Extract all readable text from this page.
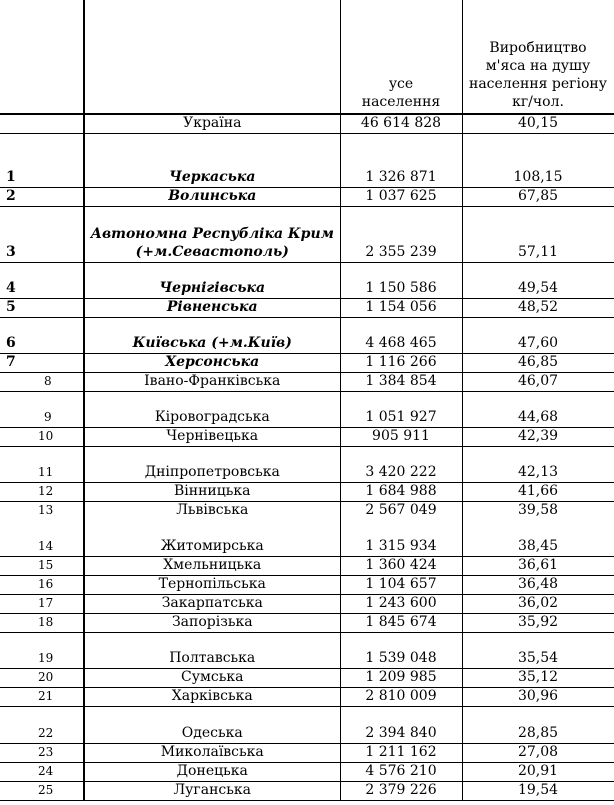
		усе населення	Виробництво м'яса на душу населення регіону кг/чол.
	Україна	46 614 828	40,15
1	Черкаська	1 326 871	108,15
2	Волинська	1 037 625	67,85
3	Автономна Республіка Крим (+м.Севастополь)	2 355 239	57,11
4	Чернігівська	1 150 586	49,54
5	Рівненська	1 154 056	48,52
6	Київська (+м.Київ)	4 468 465	47,60
7	Херсонська	1 116 266	46,85
8	Івано-Франківська	1 384 854	46,07
9	Кіровоградська	1 051 927	44,68
10	Чернівецька	905 911	42,39
11	Дніпропетровська	3 420 222	42,13
12	Вінницька	1 684 988	41,66
13	Львівська	2 567 049	39,58
14	Житомирська	1 315 934	38,45
15	Хмельницька	1 360 424	36,61
16	Тернопільська	1 104 657	36,48
17	Закарпатська	1 243 600	36,02
18	Запорізька	1 845 674	35,92
19	Полтавська	1 539 048	35,54
20	Сумська	1 209 985	35,12
21	Харківська	2 810 009	30,96
22	Одеська	2 394 840	28,85
23	Миколаївська	1 211 162	27,08
24	Донецька	4 576 210	20,91
25	Луганська	2 379 226	19,54
